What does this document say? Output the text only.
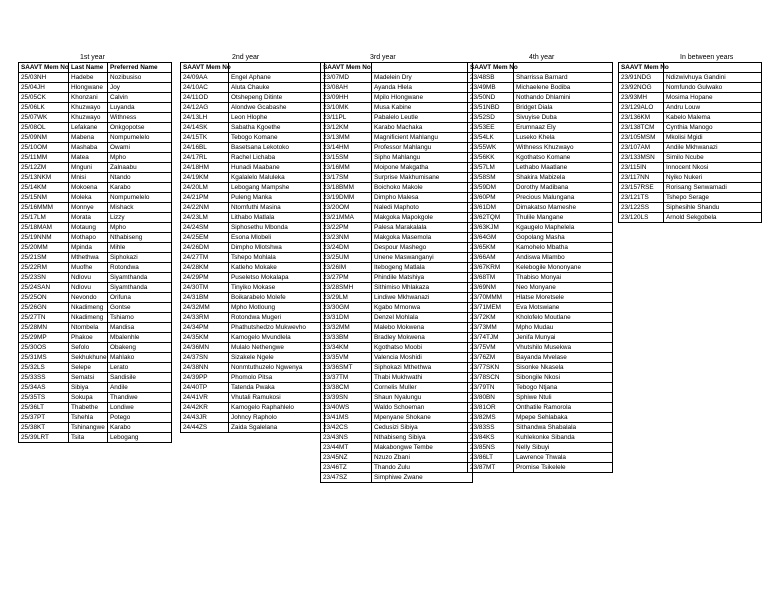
1st year	2nd year	3rd year	4th year	In between years
SAAVT Mem No	Last Name	Preferred Name
25/03NH	Hadebe	Nozibusiso
25/04JH	Hlongwane	Joy
25/05CK	Khonzani	Calvin
25/06LK	Khuzwayo	Luyanda
25/07WK	Khuzwayo	Withness
25/08OL	Lefakane	Onkgopotse
25/09NM	Mabena	Nompumelelo
25/10OM	Mashaba	Owami
25/11MM	Matea	Mpho
25/12ZM	Mnguni	Zalnaabu
25/13NKM	Mnisi	Ntando
25/14KM	Mokoena	Karabo
25/15NM	Moleka	Nompumelelo
25/16MMM	Monnye	Mishack
25/17LM	Morata	Lizzy
25/18MAM	Motaung	Mpho
25/19NNM	Mothapo	Nthabiseng
25/20MM	Mpinda	Mihle
25/21SM	Mthethwa	Siphokazi
25/22RM	Muofhe	Rotondwa
25/23SN	Ndlovu	Siyamthanda
25/24SAN	Ndlovu	Siyamthanda
25/25ON	Nevondo	Orifuna
25/26GN	Nkadimeng	Gontse
25/27TN	Nkadimeng	Tshiamo
25/28MN	Ntombela	Mandisa
25/29MP	Phakoe	Mbalenhle
25/30OS	Sefolo	Obakeng
25/31MS	Sekhukhune	Mahlako
25/32LS	Selepe	Lerato
25/33SS	Sematsi	Sandisile
25/34AS	Sibiya	Andile
25/35TS	Sokupa	Thandiwe
25/36LT	Thabethe	Londiwe
25/37PT	Tshehla	Potego
25/38KT	Tshinangwe	Karabo
25/39LRT	Tsita	Lebogang
SAAVT Mem No	
24/09AA	Engel Aphane
24/10AC	Aluta Chauke
24/11OD	Otshepeng Ditinte
24/12AG	Alondwe Gcabashe
24/13LH	Leon Hlophe
24/14SK	Sabatha Kgoethe
24/15TK	Tebogo Komane
24/16BL	Basetsana Lekotoko
24/17RL	Rachel Lichaba
24/18HM	Hunadi Maabane
24/19KM	Kgalalelo Maluleka
24/20LM	Lebogang Mampshe
24/21PM	Puleng Manka
24/22NM	Ntomfuthi Masina
24/23LM	Lithabo Matlala
24/24SM	Siphosethu Mbonda
24/25EM	Esona Mlobeli
24/26DM	Dimpho Mlotshwa
24/27TM	Tshepo Mohlala
24/28KM	Katleho Mokake
24/29PM	Puseletso Mokalapa
24/30TM	Tinyiko Mokase
24/31BM	Boikarabelo Molefe
24/32MM	Mpho Motloung
24/33RM	Rotondwa Mugeri
24/34PM	Phathutshedzo Mukwevho
24/35KM	Kamogelo Mvundlela
24/36MN	Mulalo Nethengwe
24/37SN	Sizakele Ngele
24/38NN	Nonmtuthuzelo Ngwenya
24/39PP	Phomolo Pitsa
24/40TP	Tatenda Pwaka
24/41VR	Vhutali Ramukosi
24/42KR	Kamogelo Raphahlelo
24/43JR	Johncy Rapholo
24/44ZS	Zaida Sgalelana
SAAVT Mem No	
23/07MD	Madelein Dry
23/08AH	Ayanda Hlela
23/09HH	Mpilo Hlongwane
23/10MK	Musa Kabine
23/11PL	Pabalelo Leutle
23/12KM	Karabo Machaka
23/13MM	Magnificient Mahlangu
23/14HM	Professor Mahlangu
23/15SM	Sipho Mahlangu
23/16MM	Moipone Makgatha
23/17SM	Surprise Makhumisane
23/18BMM	Boichoko Makole
23/19DMM	Dimpho Malesa
23/20OM	Naledi Maphoto
23/21MMA	Makgoka Mapokgole
23/22PM	Palesa Marakalala
23/23NM	Makgoka Masemola
23/24DM	Despour Mashego
23/25UM	Unene Maswanganyi
23/26IM	Itebogeng Matlala
23/27PM	Phindile Matshiya
23/28SMH	Sithimiso Mhlakaza
23/29LM	Lindiwe Mkhwanazi
23/30GM	Kgabo Mmonwa
23/31DM	Denzel Mohlala
23/32MM	Malebo Mokwena
23/33BM	Bradley Mokwena
23/34KM	Kgothatso Moobi
23/35VM	Valencia Moshidi
23/36SMT	Siphokazi Mthethwa
23/37TM	Thabi Mukhwathi
23/38CM	Cornelis Muller
23/39SN	Shaun Nyalungu
23/40WS	Waldo Schoeman
23/41MS	Mpenyane Shokane
23/42CS	Cedusizi Sibiya
23/43NS	Nthabiseng Sibiya
23/44MT	Makabongwe Tembe
23/45NZ	Nzuzo Zbani
23/46TZ	Thando Zulu
23/47SZ	Simphiwe Zwane
SAAVT Mem No	
23/48SB	Sharrissa Barnard
23/49MB	Michaelene Bodiba
23/50ND	Nothando Dhlamini
23/51NBD	Bridget Diala
23/52SD	Sivuyise Duba
23/53EE	Erumnaaz Ely
23/54LK	Luseko Khela
23/55WK	Withness Khuzwayo
23/56KK	Kgothatso Komane
23/57LM	Lethabo Maatlane
23/58SM	Shakira Mabizela
23/59DM	Dorothy Madibana
23/60PM	Precious Malungana
23/61DM	Dimakatso Mameshe
23/62TQM	Thulile Mangane
23/63KJM	Kgaugelo Maphelela
23/64GM	Gopolang Masha
23/65KM	Kamohelo Mbatha
23/66AM	Andiswa Mlambo
23/67KRM	Kelebogile Mononyane
23/68TM	Thabiso Monyai
23/69NM	Neo Monyane
23/70MMM	Hlatse Moretsele
23/71MEM	Eva Motswiane
23/72KM	Kholofelo Moutlane
23/73MM	Mpho Mudau
23/74TJM	Jenifa Munyai
23/75VM	Vhutshilo Musekwa
23/76ZM	Bayanda Mvelase
23/77SKN	Sisonke Nkasela
23/78SCN	Sibongile Nkosi
23/79TN	Tebogo Ntjana
23/80BN	Sphiwe Ntuli
23/81OR	Onthatile Ramorola
23/82MS	Mpepe Sehlabaka
23/83SS	Sithandwa Shabalala
23/84KS	Kuhlekonke Sibanda
23/85NS	Nelly Sibuyi
23/86LT	Lawrence Thwala
23/87MT	Promise Tsikelele
SAAVT Mem No	
23/91NDG	Ndizwivhuya Gandini
23/92NOG	Nomfundo Gulwako
23/93MH	Mosima Hopane
23/129ALO	Andru Louw
23/136KM	Kabelo Malema
23/138TCM	Cynthia Manogo
23/105MSM	Mkolisi Mgidi
23/107AM	Andile Mkhwanazi
23/133MSN	Similo Ncube
23/115IN	Innocent Nkosi
23/117NN	Nyiko Nukeri
23/157RSE	Rorisang Senwamadi
23/121TS	Tshepo Serage
23/122SS	Siphesihle Shandu
23/120LS	Arnold Sekgobela
